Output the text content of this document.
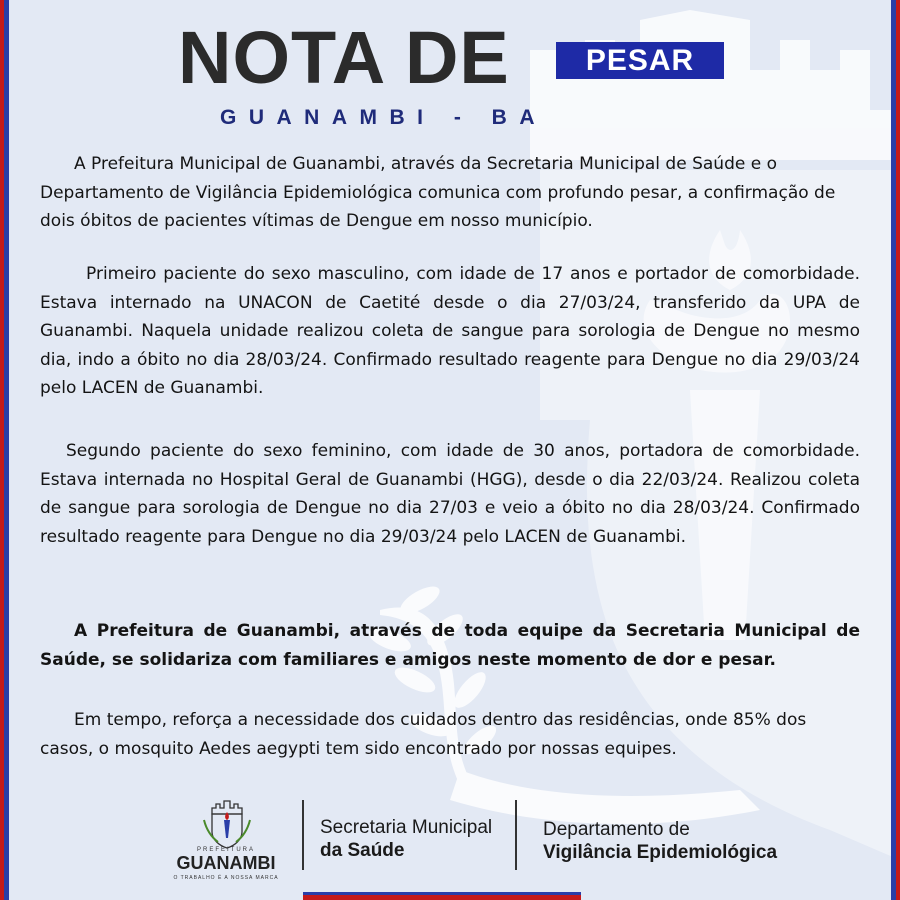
NOTA DE	PESAR
GUANAMBI - BA

A Prefeitura Municipal de Guanambi, através da Secretaria Municipal de Saúde e o Departamento de Vigilância Epidemiológica comunica com profundo pesar, a confirmação de dois óbitos de pacientes vítimas de Dengue em nosso município.

Primeiro paciente do sexo masculino, com idade de 17 anos e portador de comorbidade. Estava internado na UNACON de Caetité desde o dia 27/03/24, transferido da UPA de Guanambi. Naquela unidade realizou coleta de sangue para sorologia de Dengue no mesmo dia, indo a óbito no dia 28/03/24. Confirmado resultado reagente para Dengue no dia 29/03/24 pelo LACEN de Guanambi.

Segundo paciente do sexo feminino, com idade de 30 anos, portadora de comorbidade. Estava internada no Hospital Geral de Guanambi (HGG), desde o dia 22/03/24. Realizou coleta de sangue para sorologia de Dengue no dia 27/03 e veio a óbito no dia 28/03/24. Confirmado resultado reagente para Dengue no dia 29/03/24 pelo LACEN de Guanambi.

A Prefeitura de Guanambi, através de toda equipe da Secretaria Municipal de Saúde, se solidariza com familiares e amigos neste momento de dor e pesar.

Em tempo, reforça a necessidade dos cuidados dentro das residências, onde 85% dos casos, o mosquito Aedes aegypti tem sido encontrado por nossas equipes.

PREFEITURA
GUANAMBI
O TRABALHO É A NOSSA MARCA
Secretaria Municipal
da Saúde
Departamento de
Vigilância Epidemiológica
